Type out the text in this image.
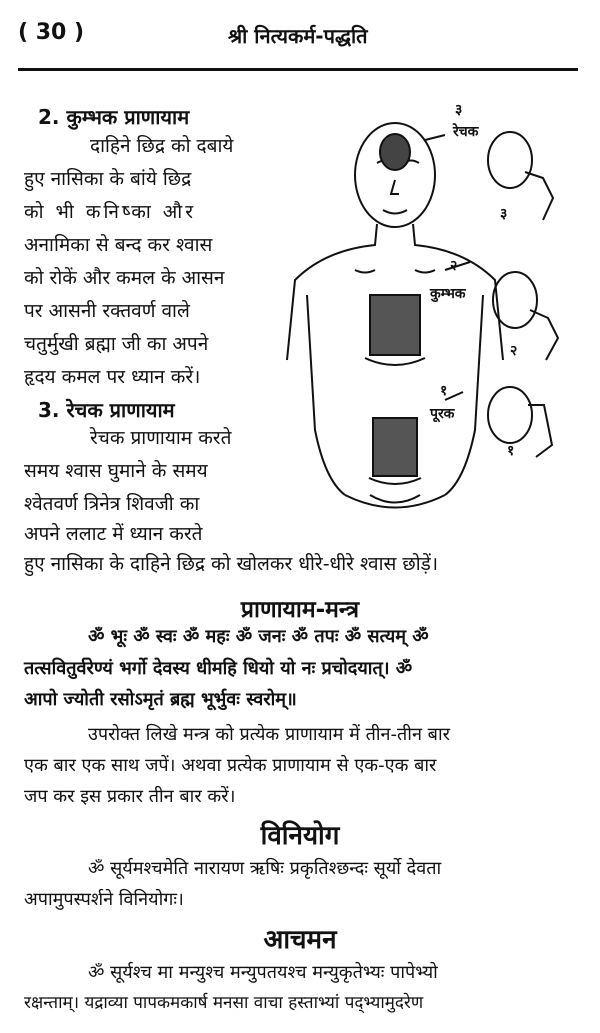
( 30 )	श्री नित्यकर्म-पद्धति
2. कुम्भक प्राणायाम
दाहिने छिद्र को दबाये
हुए नासिका के बांये छिद्र
को भी कनिष्का और
अनामिका से बन्द कर श्वास
को रोकें और कमल के आसन
पर आसनी रक्तवर्ण वाले
चतुर्मुखी ब्रह्मा जी का अपने
हृदय कमल पर ध्यान करें।
3. रेचक प्राणायाम
रेचक प्राणायाम करते
समय श्वास घुमाने के समय
श्वेतवर्ण त्रिनेत्र शिवजी का
अपने ललाट में ध्यान करते
हुए नासिका के दाहिने छिद्र को खोलकर धीरे-धीरे श्वास छोड़ें।
रेचक
३
३
२
कुम्भक
२
१
पूरक
१
प्राणायाम-मन्त्र
ॐ भूः ॐ स्वः ॐ महः ॐ जनः ॐ तपः ॐ सत्यम् ॐ
तत्सवितुर्वरेण्यं भर्गो देवस्य धीमहि धियो यो नः प्रचोदयात्। ॐ
आपो ज्योती रसोऽमृतं ब्रह्म भूर्भुवः स्वरोम्॥
उपरोक्त लिखे मन्त्र को प्रत्येक प्राणायाम में तीन-तीन बार
एक बार एक साथ जपें। अथवा प्रत्येक प्राणायाम से एक-एक बार
जप कर इस प्रकार तीन बार करें।
विनियोग
ॐ सूर्यमश्चमेति नारायण ऋषिः प्रकृतिश्छन्दः सूर्यो देवता
अपामुपस्पर्शने विनियोगः।
आचमन
ॐ सूर्यश्च मा मन्युश्च मन्युपतयश्च मन्युकृतेभ्यः पापेभ्यो
रक्षन्ताम्। यद्राव्या पापकमकार्ष मनसा वाचा हस्ताभ्यां पद्भ्यामुदरेण
